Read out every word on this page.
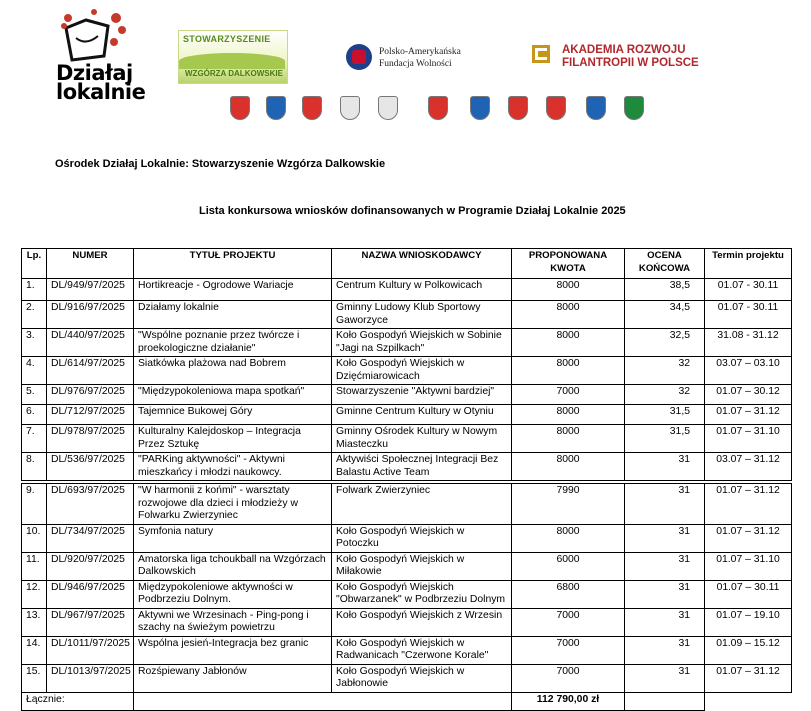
Działaj lokalnie
STOWARZYSZENIE
WZGÓRZA DALKOWSKIE
Polsko-Amerykańska
Fundacja Wolności
AKADEMIA ROZWOJU
FILANTROPII W POLSCE
Ośrodek Działaj Lokalnie: Stowarzyszenie Wzgórza Dalkowskie
Lista konkursowa wniosków dofinansowanych w Programie Działaj Lokalnie 2025
Lp.	NUMER	TYTUŁ PROJEKTU	NAZWA WNIOSKODAWCY	PROPONOWANA KWOTA	OCENA KOŃCOWA	Termin projektu
1.	DL/949/97/2025	Hortikreacje - Ogrodowe Wariacje	Centrum Kultury w Polkowicach	8000	38,5	01.07 - 30.11
2.	DL/916/97/2025	Działamy lokalnie	Gminny Ludowy Klub Sportowy Gaworzyce	8000	34,5	01.07 - 30.11
3.	DL/440/97/2025	"Wspólne poznanie przez twórcze i proekologiczne działanie"	Koło Gospodyń Wiejskich w Sobinie "Jagi na Szpilkach"	8000	32,5	31.08 - 31.12
4.	DL/614/97/2025	Siatkówka plażowa nad Bobrem	Koło Gospodyń Wiejskich w Dzięćmiarowicach	8000	32	03.07 – 03.10
5.	DL/976/97/2025	"Międzypokoleniowa mapa spotkań"	Stowarzyszenie "Aktywni bardziej"	7000	32	01.07 – 30.12
6.	DL/712/97/2025	Tajemnice Bukowej Góry	Gminne Centrum Kultury w Otyniu	8000	31,5	01.07 – 31.12
7.	DL/978/97/2025	Kulturalny Kalejdoskop – Integracja Przez Sztukę	Gminny Ośrodek Kultury w Nowym Miasteczku	8000	31,5	01.07 – 31.10
8.	DL/536/97/2025	"PARKing aktywności" - Aktywni mieszkańcy i młodzi naukowcy.	Aktywiści Społecznej Integracji Bez Balastu Active Team	8000	31	03.07 – 31.12
9.	DL/693/97/2025	"W harmonii z końmi" - warsztaty rozwojowe dla dzieci i młodzieży w Folwarku Zwierzyniec	Folwark Zwierzyniec	7990	31	01.07 – 31.12
10.	DL/734/97/2025	Symfonia natury	Koło Gospodyń Wiejskich w Potoczku	8000	31	01.07 – 31.12
11.	DL/920/97/2025	Amatorska liga tchoukball na Wzgórzach Dalkowskich	Koło Gospodyń Wiejskich w Miłakowie	6000	31	01.07 – 31.10
12.	DL/946/97/2025	Międzypokoleniowe aktywności w Podbrzeziu Dolnym.	Koło Gospodyń Wiejskich "Obwarzanek" w Podbrzeziu Dolnym	6800	31	01.07 – 30.11
13.	DL/967/97/2025	Aktywni we Wrzesinach - Ping-pong i szachy na świeżym powietrzu	Koło Gospodyń Wiejskich z Wrzesin	7000	31	01.07 – 19.10
14.	DL/1011/97/2025	Wspólna jesień-Integracja bez granic	Koło Gospodyń Wiejskich w Radwanicach "Czerwone Korale"	7000	31	01.09 – 15.12
15.	DL/1013/97/2025	Rozśpiewany Jabłonów	Koło Gospodyń Wiejskich w Jabłonowie	7000	31	01.07 – 31.12
Łącznie:				112 790,00 zł		
